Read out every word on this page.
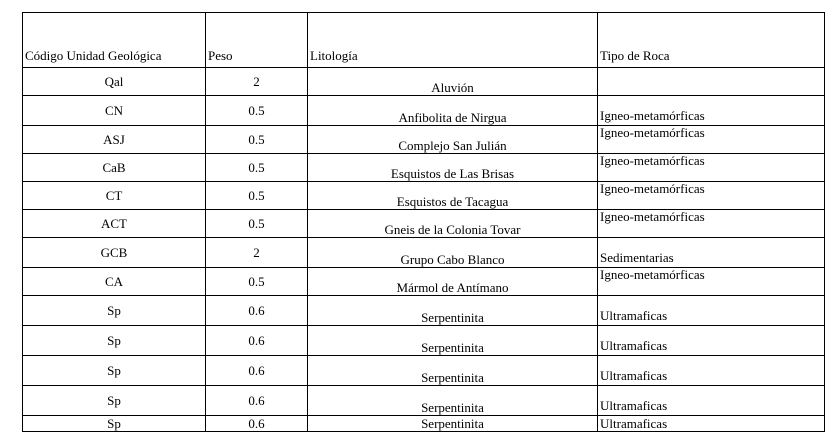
Código Unidad Geológica	Peso	Litología	Tipo de Roca
Qal	2	Aluvión	
CN	0.5	Anfibolita de Nirgua	Igneo-metamórficas
ASJ	0.5	Complejo San Julián	Igneo-metamórficas
CaB	0.5	Esquistos de Las Brisas	Igneo-metamórficas
CT	0.5	Esquistos de Tacagua	Igneo-metamórficas
ACT	0.5	Gneis de la Colonia Tovar	Igneo-metamórficas
GCB	2	Grupo Cabo Blanco	Sedimentarias
CA	0.5	Mármol de Antímano	Igneo-metamórficas
Sp	0.6	Serpentinita	Ultramaficas
Sp	0.6	Serpentinita	Ultramaficas
Sp	0.6	Serpentinita	Ultramaficas
Sp	0.6	Serpentinita	Ultramaficas
Sp	0.6	Serpentinita	Ultramaficas
